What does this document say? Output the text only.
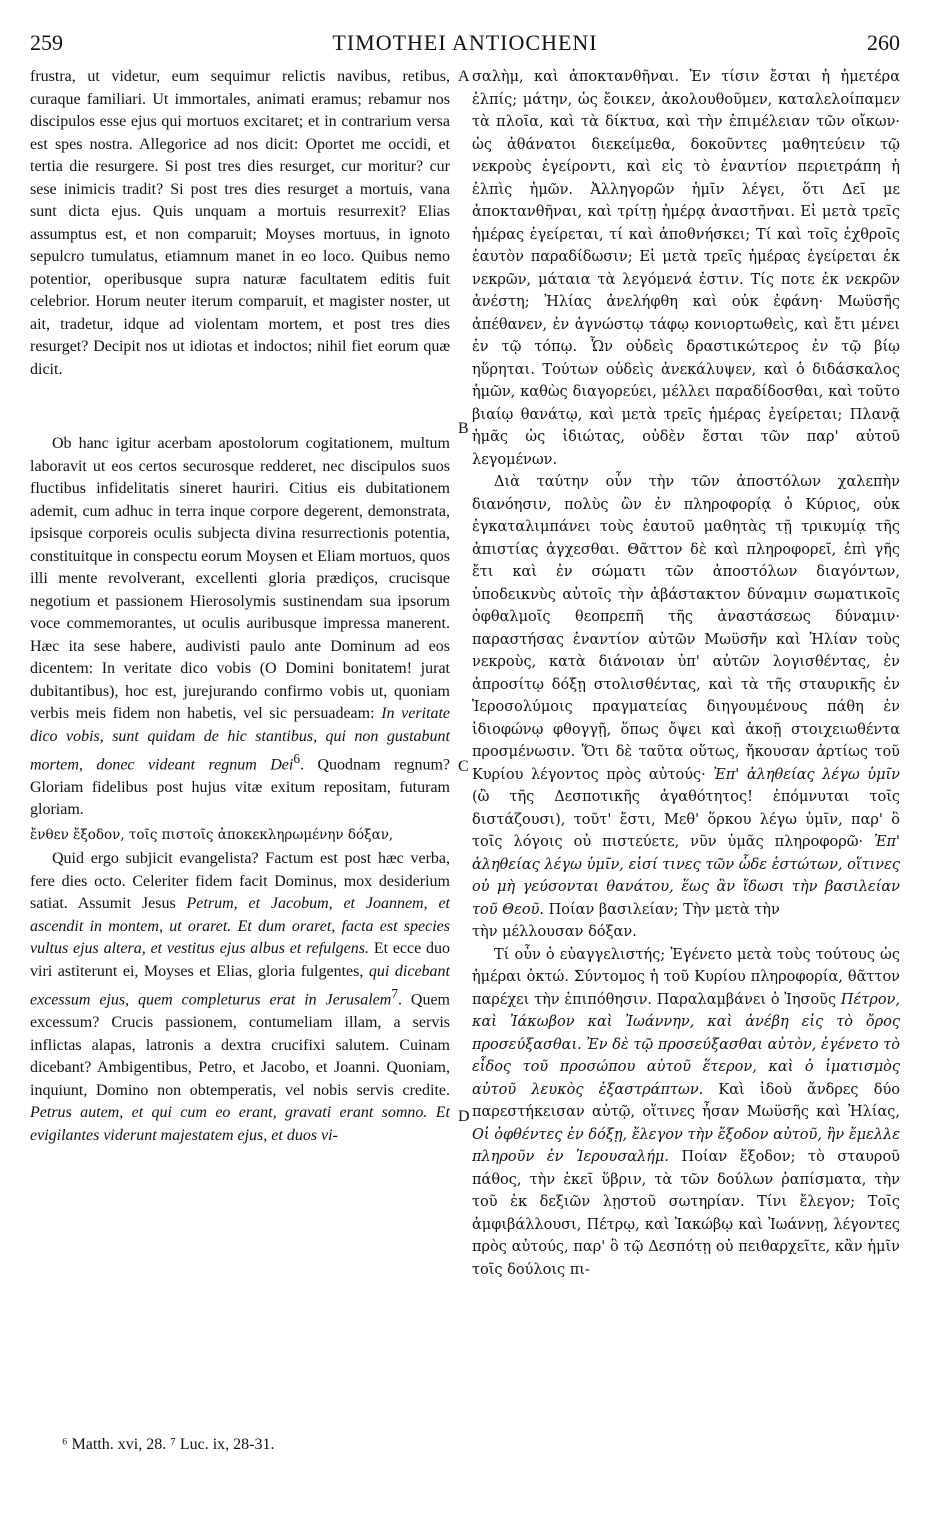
259	TIMOTHEI ANTIOCHENI	260

frustra, ut videtur, eum sequimur relictis navibus, retibus, curaque familiari. Ut immortales, animati eramus; rebamur nos discipulos esse ejus qui mortuos excitaret; et in contrarium versa est spes nostra. Allegorice ad nos dicit: Oportet me occidi, et tertia die resurgere. Si post tres dies resurget, cur moritur? cur sese inimicis tradit? Si post tres dies resurget a mortuis, vana sunt dicta ejus. Quis unquam a mortuis resurrexit? Elias assumptus est, et non comparuit; Moyses mortuus, in ignoto sepulcro tumulatus, etiamnum manet in eo loco. Quibus nemo potentior, operibusque supra naturæ facultatem editis fuit celebrior. Horum neuter iterum comparuit, et magister noster, ut ait, tradetur, idque ad violentam mortem, et post tres dies resurget? Decipit nos ut idiotas et indoctos; nihil fiet eorum quæ dicit.

Ob hanc igitur acerbam apostolorum cogitationem, multum laboravit ut eos certos securosque redderet, nec discipulos suos fluctibus infidelitatis sineret hauriri. Citius eis dubitationem ademit, cum adhuc in terra inque corpore degerent, demonstrata, ipsisque corporeis oculis subjecta divina resurrectionis potentia, constituitque in conspectu eorum Moysen et Eliam mortuos, quos illi mente revolverant, excellenti gloria prædiços, crucisque negotium et passionem Hierosolymis sustinendam sua ipsorum voce commemorantes, ut oculis auribusque impressa manerent. Hæc ita sese habere, audivisti paulo ante Dominum ad eos dicentem: In veritate dico vobis (O Domini bonitatem! jurat dubitantibus), hoc est, jurejurando confirmo vobis ut, quoniam verbis meis fidem non habetis, vel sic persuadeam: In veritate dico vobis, sunt quidam de hic stantibus, qui non gustabunt mortem, donec videant regnum Dei$^6$. Quodnam regnum? Gloriam fidelibus post hujus vitæ exitum repositam, futuram gloriam.

ἔνθεν ἔξοδον, τοῖς πιστοῖς ἀποκεκληρωμένην δόξαν,

Quid ergo subjicit evangelista? Factum est post hæc verba, fere dies octo. Celeriter fidem facit Dominus, mox desiderium satiat. Assumit Jesus Petrum, et Jacobum, et Joannem, et ascendit in montem, ut oraret. Et dum oraret, facta est species vultus ejus altera, et vestitus ejus albus et refulgens. Et ecce duo viri astiterunt ei, Moyses et Elias, gloria fulgentes, qui dicebant excessum ejus, quem completurus erat in Jerusalem$^7$. Quem excessum? Crucis passionem, contumeliam illam, a servis inflictas alapas, latronis a dextra crucifixi salutem. Cuinam dicebant? Ambigentibus, Petro, et Jacobo, et Joanni. Quoniam, inquiunt, Domino non obtemperatis, vel nobis servis credite. Petrus autem, et qui cum eo erant, gravati erant somno. Et evigilantes viderunt majestatem ejus, et duos vi-

A
B
C
D

σαλὴμ, καὶ ἀποκτανθῆναι. Ἐν τίσιν ἔσται ἡ ἡμετέρα ἐλπίς; μάτην, ὡς ἔοικεν, ἀκολουθοῦμεν, καταλελοίπαμεν τὰ πλοῖα, καὶ τὰ δίκτυα, καὶ τὴν ἐπιμέλειαν τῶν οἴκων· ὡς ἀθάνατοι διεκείμεθα, δοκοῦντες μαθητεύειν τῷ νεκροὺς ἐγείροντι, καὶ εἰς τὸ ἐναντίον περιετράπη ἡ ἐλπὶς ἡμῶν. Ἀλληγορῶν ἡμῖν λέγει, ὅτι Δεῖ με ἀποκτανθῆναι, καὶ τρίτῃ ἡμέρᾳ ἀναστῆναι. Εἰ μετὰ τρεῖς ἡμέρας ἐγείρεται, τί καὶ ἀποθνήσκει; Τί καὶ τοῖς ἐχθροῖς ἑαυτὸν παραδίδωσιν; Εἰ μετὰ τρεῖς ἡμέρας ἐγείρεται ἐκ νεκρῶν, μάταια τὰ λεγόμενά ἐστιν. Τίς ποτε ἐκ νεκρῶν ἀνέστη; Ἠλίας ἀνελήφθη καὶ οὐκ ἐφάνη· Μωϋσῆς ἀπέθανεν, ἐν ἀγνώστῳ τάφῳ κονιορτωθεὶς, καὶ ἔτι μένει ἐν τῷ τόπῳ. Ὧν οὐδεὶς δραστικώτερος ἐν τῷ βίῳ ηὕρηται. Τούτων οὐδεὶς ἀνεκάλυψεν, καὶ ὁ διδάσκαλος ἡμῶν, καθὼς διαγορεύει, μέλλει παραδίδοσθαι, καὶ τοῦτο βιαίῳ θανάτῳ, καὶ μετὰ τρεῖς ἡμέρας ἐγείρεται; Πλανᾷ ἡμᾶς ὡς ἰδιώτας, οὐδὲν ἔσται τῶν παρ' αὐτοῦ λεγομένων.

Διὰ ταύτην οὖν τὴν τῶν ἀποστόλων χαλεπὴν διανόησιν, πολὺς ὢν ἐν πληροφορίᾳ ὁ Κύριος, οὐκ ἐγκαταλιμπάνει τοὺς ἑαυτοῦ μαθητὰς τῇ τρικυμίᾳ τῆς ἀπιστίας ἀγχεσθαι. Θᾶττον δὲ καὶ πληροφορεῖ, ἐπὶ γῆς ἔτι καὶ ἐν σώματι τῶν ἀποστόλων διαγόντων, ὑποδεικνὺς αὐτοῖς τὴν ἀβάστακτον δύναμιν σωματικοῖς ὀφθαλμοῖς θεοπρεπῆ τῆς ἀναστάσεως δύναμιν· παραστήσας ἐναντίον αὐτῶν Μωϋσῆν καὶ Ἠλίαν τοὺς νεκροὺς, κατὰ διάνοιαν ὑπ' αὐτῶν λογισθέντας, ἐν ἀπροσίτῳ δόξῃ στολισθέντας, καὶ τὰ τῆς σταυρικῆς ἐν Ἱεροσολύμοις πραγματείας διηγουμένους πάθη ἐν ἰδιοφώνῳ φθογγῇ, ὅπως ὄψει καὶ ἀκοῇ στοιχειωθέντα προσμένωσιν. Ὅτι δὲ ταῦτα οὕτως, ἤκουσαν ἀρτίως τοῦ Κυρίου λέγοντος πρὸς αὐτούς· Ἐπ' ἀληθείας λέγω ὑμῖν (ὢ τῆς Δεσποτικῆς ἀγαθότητος! ἐπόμνυται τοῖς διστάζουσι), τοῦτ' ἔστι, Μεθ' ὅρκου λέγω ὑμῖν, παρ' ὃ τοῖς λόγοις οὐ πιστεύετε, νῦν ὑμᾶς πληροφορῶ· Ἐπ' ἀληθείας λέγω ὑμῖν, εἰσί τινες τῶν ὧδε ἑστώτων, οἵτινες οὐ μὴ γεύσονται θανάτου, ἕως ἂν ἴδωσι τὴν βασιλείαν τοῦ Θεοῦ. Ποίαν βασιλείαν; Τὴν μετὰ τὴν

τὴν μέλλουσαν δόξαν.

Τί οὖν ὁ εὐαγγελιστής; Ἐγένετο μετὰ τοὺς τούτους ὡς ἡμέραι ὀκτώ. Σύντομος ἡ τοῦ Κυρίου πληροφορία, θᾶττον παρέχει τὴν ἐπιπόθησιν. Παραλαμβάνει ὁ Ἰησοῦς Πέτρον, καὶ Ἰάκωβον καὶ Ἰωάννην, καὶ ἀνέβη εἰς τὸ ὄρος προσεύξασθαι. Ἐν δὲ τῷ προσεύξασθαι αὐτὸν, ἐγένετο τὸ εἶδος τοῦ προσώπου αὐτοῦ ἕτερον, καὶ ὁ ἱματισμὸς αὐτοῦ λευκὸς ἐξαστράπτων. Καὶ ἰδοὺ ἄνδρες δύο παρεστήκεισαν αὐτῷ, οἵτινες ἦσαν Μωϋσῆς καὶ Ἠλίας, Οἱ ὀφθέντες ἐν δόξῃ, ἔλεγον τὴν ἔξοδον αὐτοῦ, ἣν ἔμελλε πληροῦν ἐν Ἱερουσαλήμ. Ποίαν ἔξοδον; τὸ σταυροῦ πάθος, τὴν ἐκεῖ ὕβριν, τὰ τῶν δούλων ῥαπίσματα, τὴν τοῦ ἐκ δεξιῶν λῃστοῦ σωτηρίαν. Τίνι ἔλεγον; Τοῖς ἀμφιβάλλουσι, Πέτρῳ, καὶ Ἰακώβῳ καὶ Ἰωάννῃ, λέγοντες πρὸς αὐτούς, παρ' ὃ τῷ Δεσπότῃ οὐ πειθαρχεῖτε, κἂν ἡμῖν τοῖς δούλοις πι-

⁶ Matth. xvi, 28. ⁷ Luc. ix, 28-31.
